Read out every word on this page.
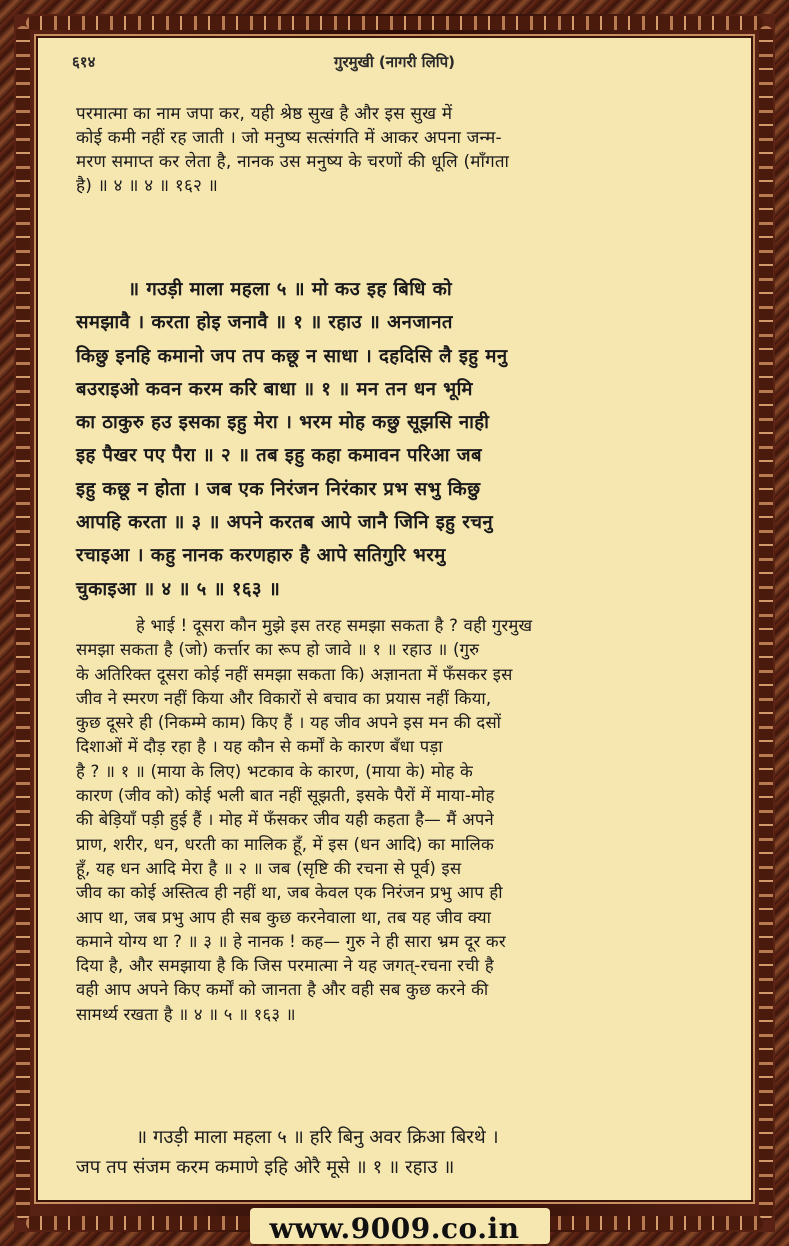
६१४	गुरमुखी (नागरी लिपि)
परमात्मा का नाम जपा कर, यही श्रेष्ठ सुख है और इस सुख में
कोई कमी नहीं रह जाती । जो मनुष्य सत्संगति में आकर अपना जन्म-
मरण समाप्त कर लेता है, नानक उस मनुष्य के चरणों की धूलि (माँगता
है) ॥ ४ ॥ ४ ॥ १६२ ॥
॥ गउड़ी माला महला ५ ॥ मो कउ इह बिधि को
समझावै । करता होइ जनावै ॥ १ ॥ रहाउ ॥ अनजानत
किछु इनहि कमानो जप तप कछू न साधा । दहदिसि लै इहु मनु
बउराइओ कवन करम करि बाधा ॥ १ ॥ मन तन धन भूमि
का ठाकुरु हउ इसका इहु मेरा । भरम मोह कछु सूझसि नाही
इह पैखर पए पैरा ॥ २ ॥ तब इहु कहा कमावन परिआ जब
इहु कछू न होता । जब एक निरंजन निरंकार प्रभ सभु किछु
आपहि करता ॥ ३ ॥ अपने करतब आपे जानै जिनि इहु रचनु
रचाइआ । कहु नानक करणहारु है आपे सतिगुरि भरमु
चुकाइआ ॥ ४ ॥ ५ ॥ १६३ ॥
हे भाई ! दूसरा कौन मुझे इस तरह समझा सकता है ? वही गुरमुख
समझा सकता है (जो) कर्त्तार का रूप हो जावे ॥ १ ॥ रहाउ ॥ (गुरु
के अतिरिक्त दूसरा कोई नहीं समझा सकता कि) अज्ञानता में फँसकर इस
जीव ने स्मरण नहीं किया और विकारों से बचाव का प्रयास नहीं किया,
कुछ दूसरे ही (निकम्मे काम) किए हैं । यह जीव अपने इस मन की दसों
दिशाओं में दौड़ रहा है । यह कौन से कर्मों के कारण बँधा पड़ा
है ? ॥ १ ॥ (माया के लिए) भटकाव के कारण, (माया के) मोह के
कारण (जीव को) कोई भली बात नहीं सूझती, इसके पैरों में माया-मोह
की बेड़ियाँ पड़ी हुई हैं । मोह में फँसकर जीव यही कहता है— मैं अपने
प्राण, शरीर, धन, धरती का मालिक हूँ, में इस (धन आदि) का मालिक
हूँ, यह धन आदि मेरा है ॥ २ ॥ जब (सृष्टि की रचना से पूर्व) इस
जीव का कोई अस्तित्व ही नहीं था, जब केवल एक निरंजन प्रभु आप ही
आप था, जब प्रभु आप ही सब कुछ करनेवाला था, तब यह जीव क्या
कमाने योग्य था ? ॥ ३ ॥ हे नानक ! कह— गुरु ने ही सारा भ्रम दूर कर
दिया है, और समझाया है कि जिस परमात्मा ने यह जगत्-रचना रची है
वही आप अपने किए कर्मों को जानता है और वही सब कुछ करने की
सामर्थ्य रखता है ॥ ४ ॥ ५ ॥ १६३ ॥
॥ गउड़ी माला महला ५ ॥ हरि बिनु अवर क्रिआ बिरथे ।
जप तप संजम करम कमाणे इहि ओरै मूसे ॥ १ ॥ रहाउ ॥
www.9009.co.in
